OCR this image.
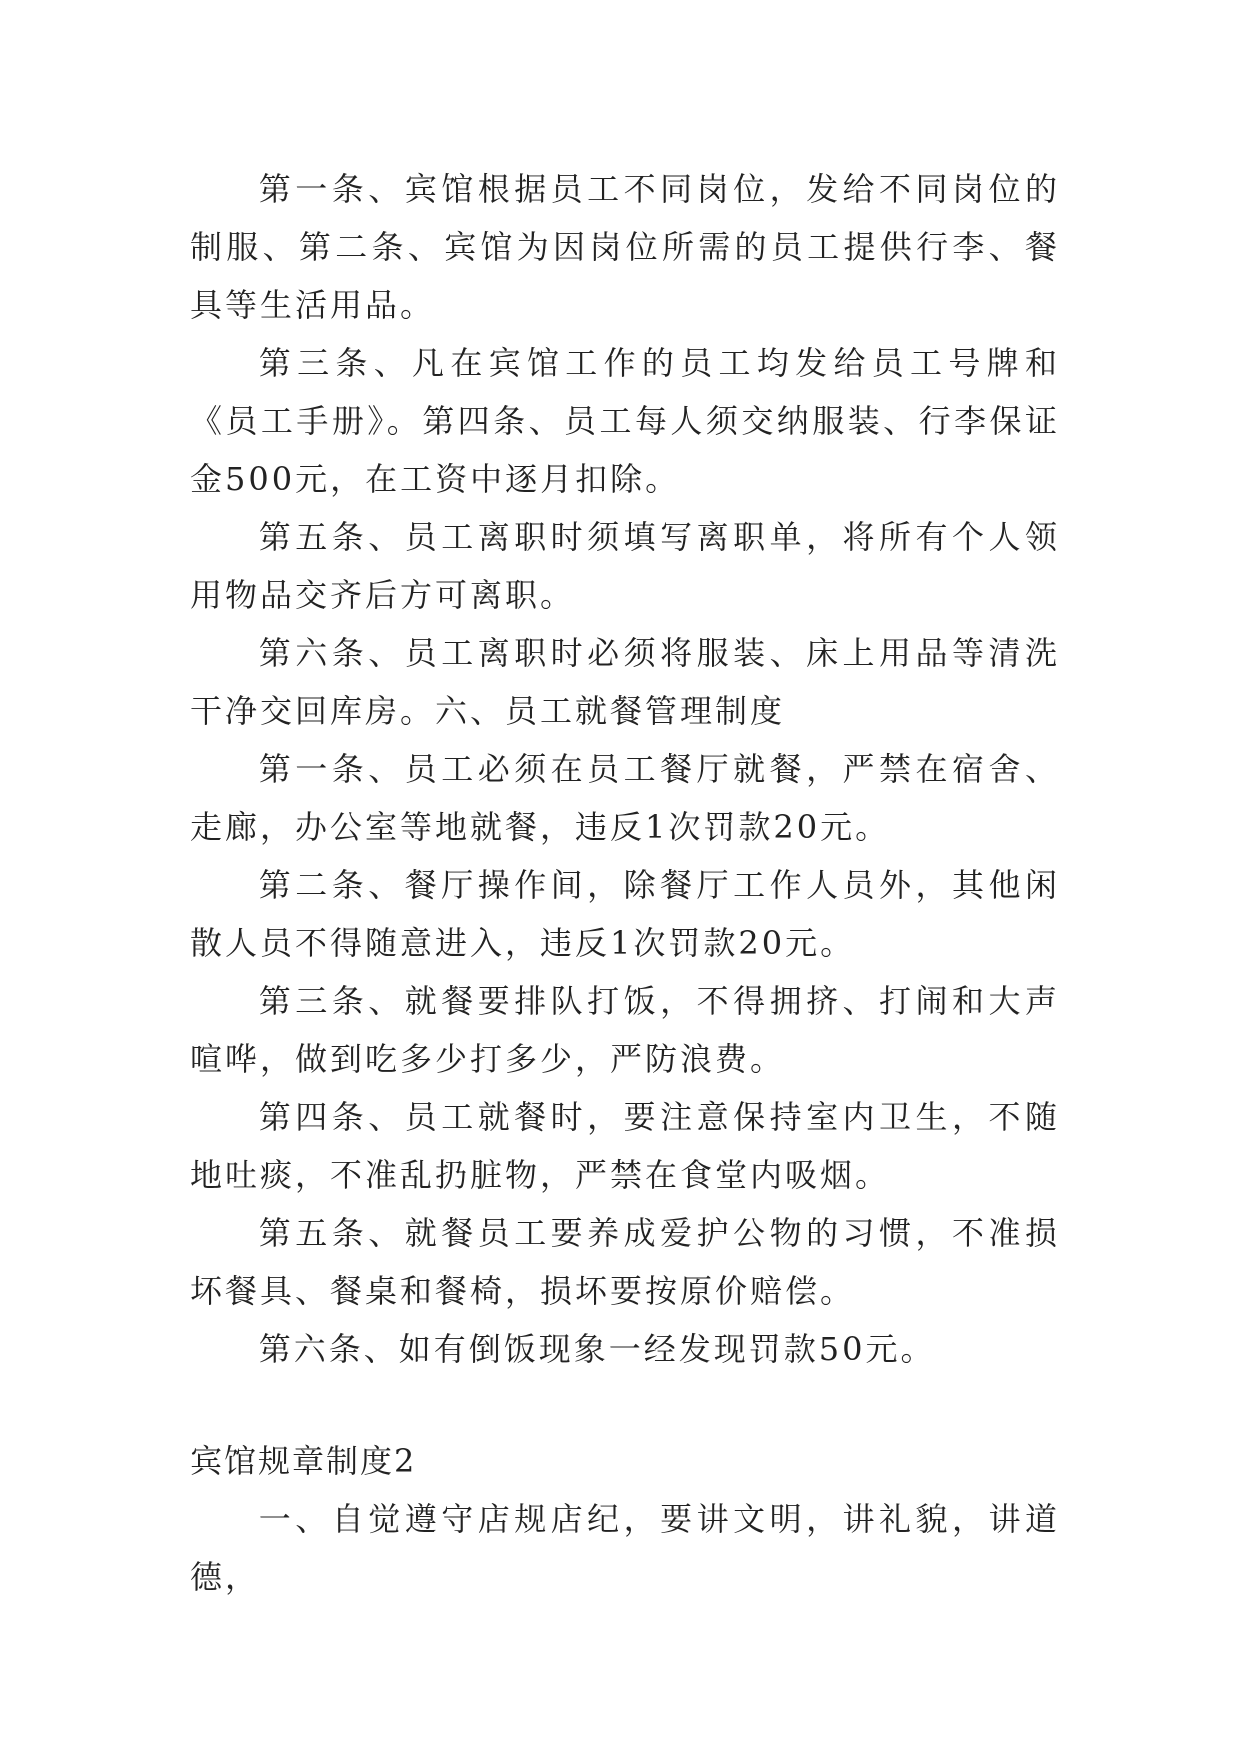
第一条、宾馆根据员工不同岗位，发给不同岗位的制服、第二条、宾馆为因岗位所需的员工提供行李、餐具等生活用品。

第三条、凡在宾馆工作的员工均发给员工号牌和《员工手册》。第四条、员工每人须交纳服装、行李保证金500元，在工资中逐月扣除。

第五条、员工离职时须填写离职单，将所有个人领用物品交齐后方可离职。

第六条、员工离职时必须将服装、床上用品等清洗干净交回库房。六、员工就餐管理制度

第一条、员工必须在员工餐厅就餐，严禁在宿舍、走廊，办公室等地就餐，违反1次罚款20元。

第二条、餐厅操作间，除餐厅工作人员外，其他闲散人员不得随意进入，违反1次罚款20元。

第三条、就餐要排队打饭，不得拥挤、打闹和大声喧哗，做到吃多少打多少，严防浪费。

第四条、员工就餐时，要注意保持室内卫生，不随地吐痰，不准乱扔脏物，严禁在食堂内吸烟。

第五条、就餐员工要养成爱护公物的习惯，不准损坏餐具、餐桌和餐椅，损坏要按原价赔偿。

第六条、如有倒饭现象一经发现罚款50元。

宾馆规章制度2

一、自觉遵守店规店纪，要讲文明，讲礼貌，讲道德，
